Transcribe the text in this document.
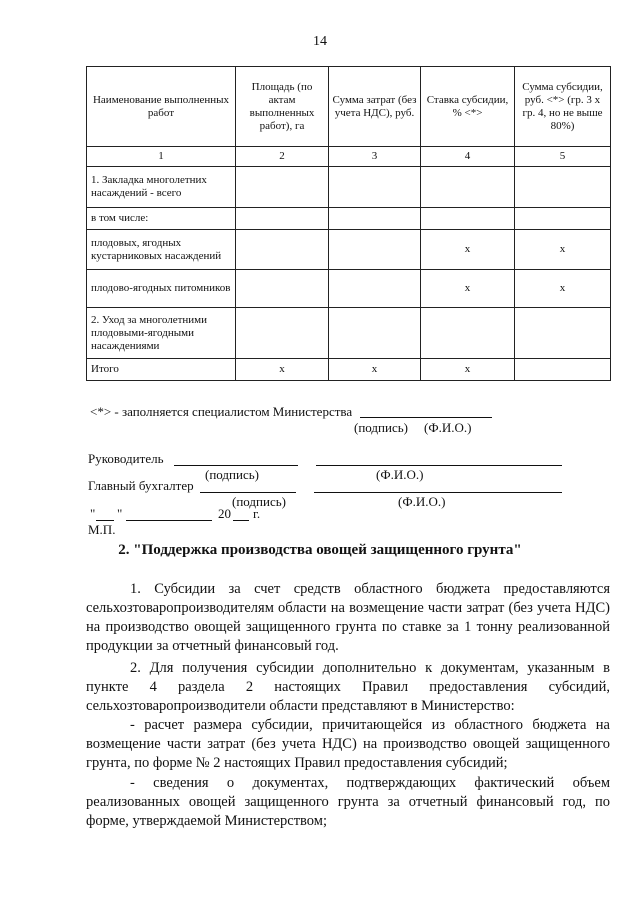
14
Наименование выполненных работ	Площадь (по актам выполненных работ), га	Сумма затрат (без учета НДС), руб.	Ставка субсидии, % <*>	Сумма субсидии, руб. <*> (гр. 3 х гр. 4, но не выше 80%)
1	2	3	4	5
1. Закладка многолетних насаждений - всего				
в том числе:				
плодовых, ягодных кустарниковых насаждений			x	x
плодово-ягодных питомников			x	x
2. Уход за многолетними плодовыми-ягодными насаждениями				
Итого	x	x	x	
<*> - заполняется специалистом Министерства
(подпись) (Ф.И.О.)
Руководитель
(подпись)	(Ф.И.О.)
Главный бухгалтер
(подпись)	(Ф.И.О.)
" "	20 г.
М.П.
2. "Поддержка производства овощей защищенного грунта"

1. Субсидии за счет средств областного бюджета предоставляются сельхозтоваропроизводителям области на возмещение части затрат (без учета НДС) на производство овощей защищенного грунта по ставке за 1 тонну реализованной продукции за отчетный финансовый год.

2. Для получения субсидии дополнительно к документам, указанным в пункте 4 раздела 2 настоящих Правил предоставления субсидий, сельхозтоваропроизводители области представляют в Министерство:

- расчет размера субсидии, причитающейся из областного бюджета на возмещение части затрат (без учета НДС) на производство овощей защищенного грунта, по форме № 2 настоящих Правил предоставления субсидий;

- сведения о документах, подтверждающих фактический объем реализованных овощей защищенного грунта за отчетный финансовый год, по форме, утверждаемой Министерством;
